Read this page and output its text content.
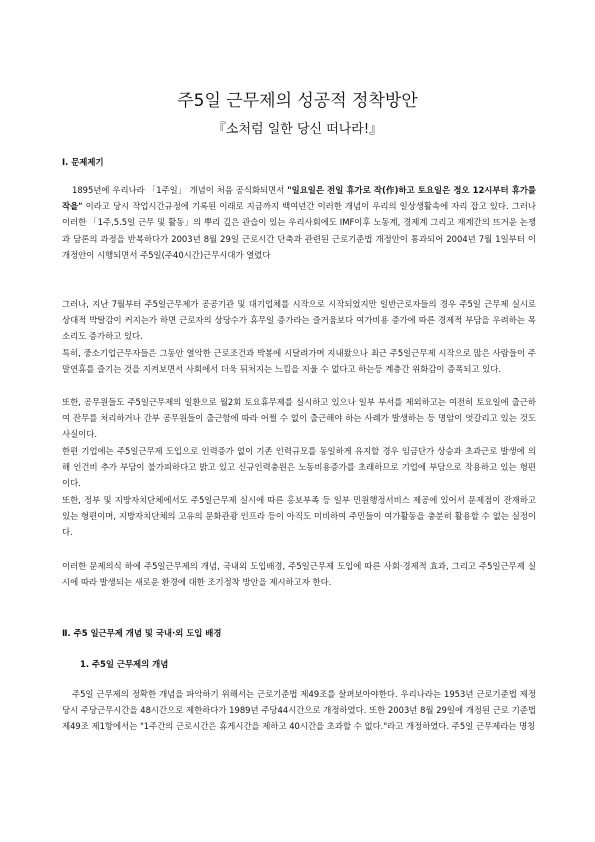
주5일 근무제의 성공적 정착방안
『소처럼 일한 당신 떠나라!』
Ⅰ. 문제제기
1895년에 우리나라 「1주일」 개념이 처음 공식화되면서 "일요일은 전일 휴가로 작(作)하고 토요일은 정오 12시부터 휴가를 작을" 이라고 당시 작업시간규정에 기록된 이래로 지금까지 백여년간 이러한 개념이 우리의 일상생활속에 자리 잡고 있다. 그러나 이러한 「1주,5.5일 근무 및 활동」의 뿌리 깊은 관습이 있는 우리사회에도 IMF이후 노동계, 경제계 그리고 재계간의 뜨거운 논쟁과 담론의 과정을 반복하다가 2003년 8월 29일 근로시간 단축과 관련된 근로기준법 개정안이 통과되어 2004년 7월 1일부터 이 개정안이 시행되면서 주5일(주40시간)근무시대가 열렸다
그러나, 지난 7월부터 주5일근무제가 공공기관 및 대기업체를 시작으로 시작되었지만 일반근로자들의 경우 주5일 근무제 실시로 상대적 박탈감이 커지는가 하면 근로자의 상당수가 휴무일 증가라는 즐거움보다 여가비용 증가에 따른 경제적 부담을 우려하는 목소리도 증가하고 있다.
특히, 중소기업근무자들은 그동안 열악한 근로조건과 박봉에 시달려가며 지내왔으나 최근 주5일근무제 시작으로 많은 사람들이 주말연휴를 즐기는 것을 지켜보면서 사회에서 더욱 뒤처지는 느낌을 지울 수 없다고 하는등 계층간 위화감이 증폭되고 있다.
또한, 공무원들도 주5일근무제의 일환으로 월2회 토요휴무제를 실시하고 있으나 일부 부서를 제외하고는 여전히 토요일에 출근하여 잔무를 처리하거나 간부 공무원들이 출근함에 따라 어쩔 수 없이 출근해야 하는 사례가 발생하는 등 명암이 엇갈리고 있는 것도 사실이다.
한편 기업에는 주5일근무제 도입으로 인력증가 없이 기존 인력규모를 동일하게 유지할 경우 임금단가 상승과 초과근로 발생에 의해 인건비 추가 부담이 불가피하다고 밝고 있고 신규인력충원은 노동비용증가를 초래하므로 기업에 부담으로 작용하고 있는 형편이다.
또한, 정부 및 지방자치단체에서도 주5일근무제 실시에 따른 홍보부족 등 일부 민원행정서비스 제공에 있어서 문제점이 잔재하고 있는 형편이며, 지방자치단체의 고유의 문화관광 인프라 등이 아직도 미비하여 주민들이 여가활동을 충분히 활용할 수 없는 실정이다.
이러한 문제의식 하에 주5일근무제의 개념, 국내외 도입배경, 주5일근무제 도입에 따른 사회·경제적 효과, 그리고 주5일근무제 실시에 따라 발생되는 새로운 환경에 대한 조기정착 방안을 제시하고자 한다.
Ⅱ. 주5 일근무제 개념 및 국내·외 도입 배경
1. 주5일 근무제의 개념
주5일 근무제의 정확한 개념을 파악하기 위해서는 근로기준법 제49조를 살펴보아야한다. 우리나라는 1953년 근로기준법 제정 당시 주당근무시간을 48시간으로 제한하다가 1989년 주당44시간으로 개정하였다. 또한 2003년 8월 29일에 개정된 근로 기준법 제49조 제1항에서는 "1주간의 근로시간은 휴게시간을 제하고 40시간을 초과할 수 없다."라고 개정하였다. 주5일 근무제라는 명칭
